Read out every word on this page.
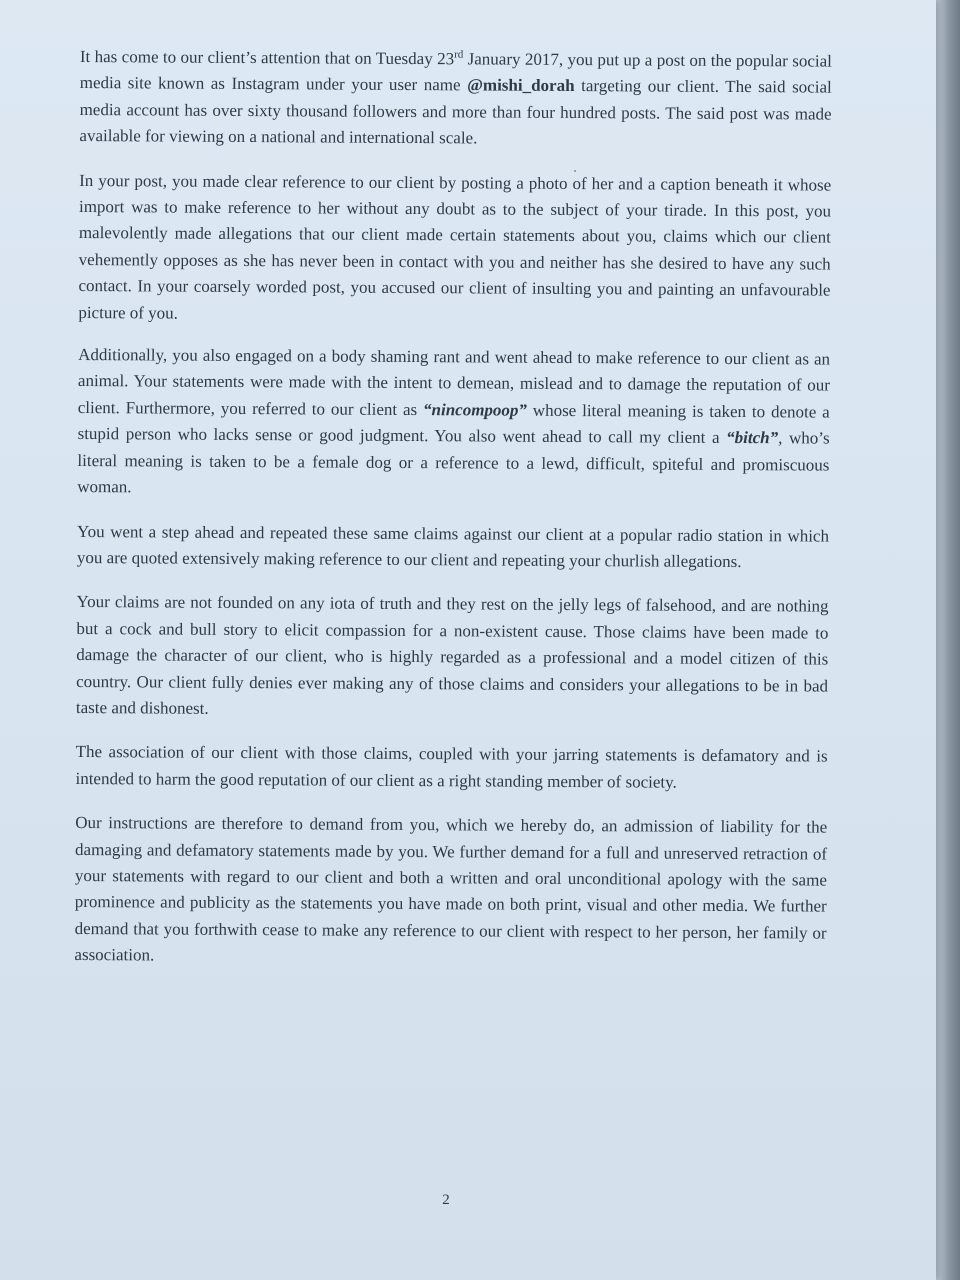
It has come to our client’s attention that on Tuesday 23rd January 2017, you put up a post on the popular social media site known as Instagram under your user name @mishi_dorah targeting our client. The said social media account has over sixty thousand followers and more than four hundred posts. The said post was made available for viewing on a national and international scale.

In your post, you made clear reference to our client by posting a photo of her and a caption beneath it whose import was to make reference to her without any doubt as to the subject of your tirade. In this post, you malevolently made allegations that our client made certain statements about you, claims which our client vehemently opposes as she has never been in contact with you and neither has she desired to have any such contact. In your coarsely worded post, you accused our client of insulting you and painting an unfavourable picture of you.

Additionally, you also engaged on a body shaming rant and went ahead to make reference to our client as an animal. Your statements were made with the intent to demean, mislead and to damage the reputation of our client. Furthermore, you referred to our client as “nincompoop” whose literal meaning is taken to denote a stupid person who lacks sense or good judgment. You also went ahead to call my client a “bitch”, who’s literal meaning is taken to be a female dog or a reference to a lewd, difficult, spiteful and promiscuous woman.

You went a step ahead and repeated these same claims against our client at a popular radio station in which you are quoted extensively making reference to our client and repeating your churlish allegations.

Your claims are not founded on any iota of truth and they rest on the jelly legs of falsehood, and are nothing but a cock and bull story to elicit compassion for a non-existent cause. Those claims have been made to damage the character of our client, who is highly regarded as a professional and a model citizen of this country. Our client fully denies ever making any of those claims and considers your allegations to be in bad taste and dishonest.

The association of our client with those claims, coupled with your jarring statements is defamatory and is intended to harm the good reputation of our client as a right standing member of society.

Our instructions are therefore to demand from you, which we hereby do, an admission of liability for the damaging and defamatory statements made by you. We further demand for a full and unreserved retraction of your statements with regard to our client and both a written and oral unconditional apology with the same prominence and publicity as the statements you have made on both print, visual and other media. We further demand that you forthwith cease to make any reference to our client with respect to her person, her family or association.

2
